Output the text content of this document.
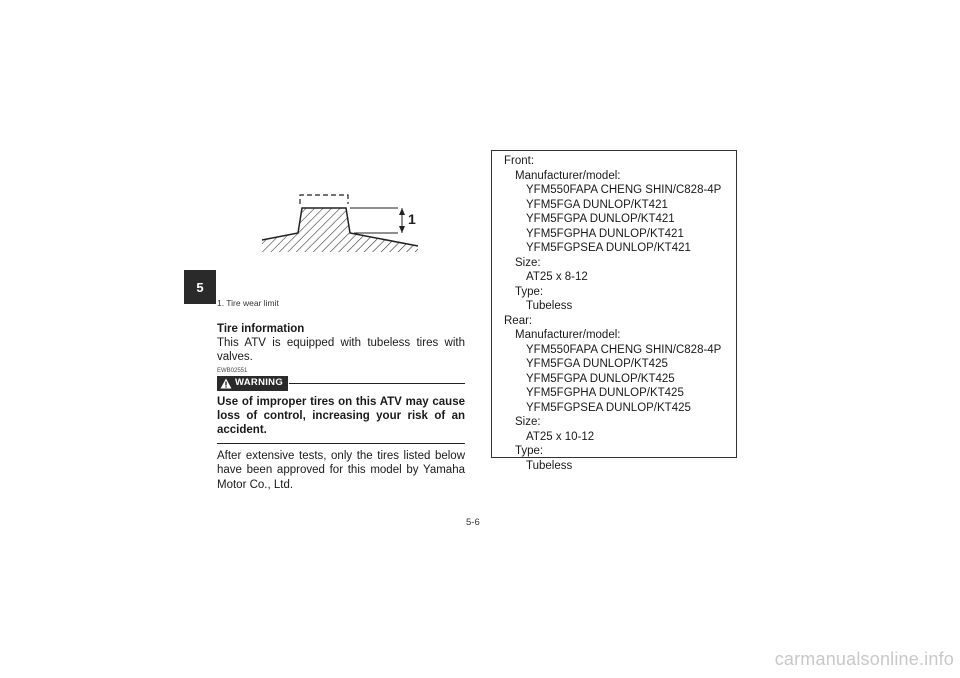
5
1
1. Tire wear limit
Tire information
This ATV is equipped with tubeless tires with valves.
EWB02551
WARNING
Use of improper tires on this ATV may cause loss of control, increasing your risk of an accident.
After extensive tests, only the tires listed below have been approved for this model by Yamaha Motor Co., Ltd.
Front:
Manufacturer/model:
YFM550FAPA CHENG SHIN/C828-4P
YFM5FGA DUNLOP/KT421
YFM5FGPA DUNLOP/KT421
YFM5FGPHA DUNLOP/KT421
YFM5FGPSEA DUNLOP/KT421
Size:
AT25 x 8-12
Type:
Tubeless
Rear:
Manufacturer/model:
YFM550FAPA CHENG SHIN/C828-4P
YFM5FGA DUNLOP/KT425
YFM5FGPA DUNLOP/KT425
YFM5FGPHA DUNLOP/KT425
YFM5FGPSEA DUNLOP/KT425
Size:
AT25 x 10-12
Type:
Tubeless
5-6
carmanualsonline.info
